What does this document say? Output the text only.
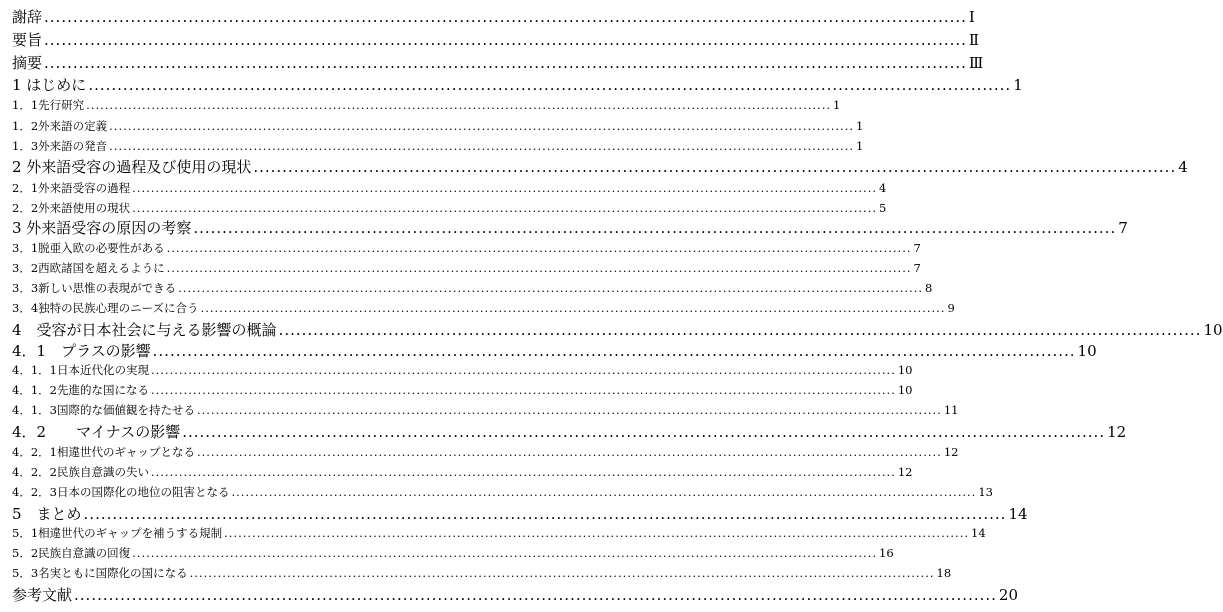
謝辞 ................................................................................................................................................................ Ⅰ
要旨 ................................................................................................................................................................ Ⅱ
摘要 ................................................................................................................................................................ Ⅲ
1 はじめに ................................................................................................................................................................ 1
1．1先行研究 ................................................................................................................................................................ 1
1．2外来語の定義 ................................................................................................................................................................ 1
1．3外来語の発音 ................................................................................................................................................................ 1
2 外来語受容の過程及び使用の現状 ................................................................................................................................................................ 4
2．1外来語受容の過程 ................................................................................................................................................................ 4
2．2外来語使用の現状 ................................................................................................................................................................ 5
3 外来語受容の原因の考察 ................................................................................................................................................................ 7
3．1脱亜入欧の必要性がある ................................................................................................................................................................ 7
3．2西欧諸国を超えるように ................................................................................................................................................................ 7
3．3新しい思惟の表現ができる ................................................................................................................................................................ 8
3．4独特の民族心理のニーズに合う ................................................................................................................................................................ 9
4　受容が日本社会に与える影響の概論 ................................................................................................................................................................ 10
4．1　プラスの影響 ................................................................................................................................................................ 10
4．1．1日本近代化の実現 ................................................................................................................................................................ 10
4．1．2先進的な国になる ................................................................................................................................................................ 10
4．1．3国際的な価値観を持たせる ................................................................................................................................................................ 11
4．2　　マイナスの影響 ................................................................................................................................................................ 12
4．2．1相違世代のギャップとなる ................................................................................................................................................................ 12
4．2．2民族自意識の失い ................................................................................................................................................................ 12
4．2．3日本の国際化の地位の阻害となる ................................................................................................................................................................ 13
5　まとめ ................................................................................................................................................................ 14
5．1相違世代のギャップを補うする規制 ................................................................................................................................................................ 14
5．2民族自意識の回復 ................................................................................................................................................................ 16
5．3名実ともに国際化の国になる ................................................................................................................................................................ 18
参考文献 ................................................................................................................................................................ 20
